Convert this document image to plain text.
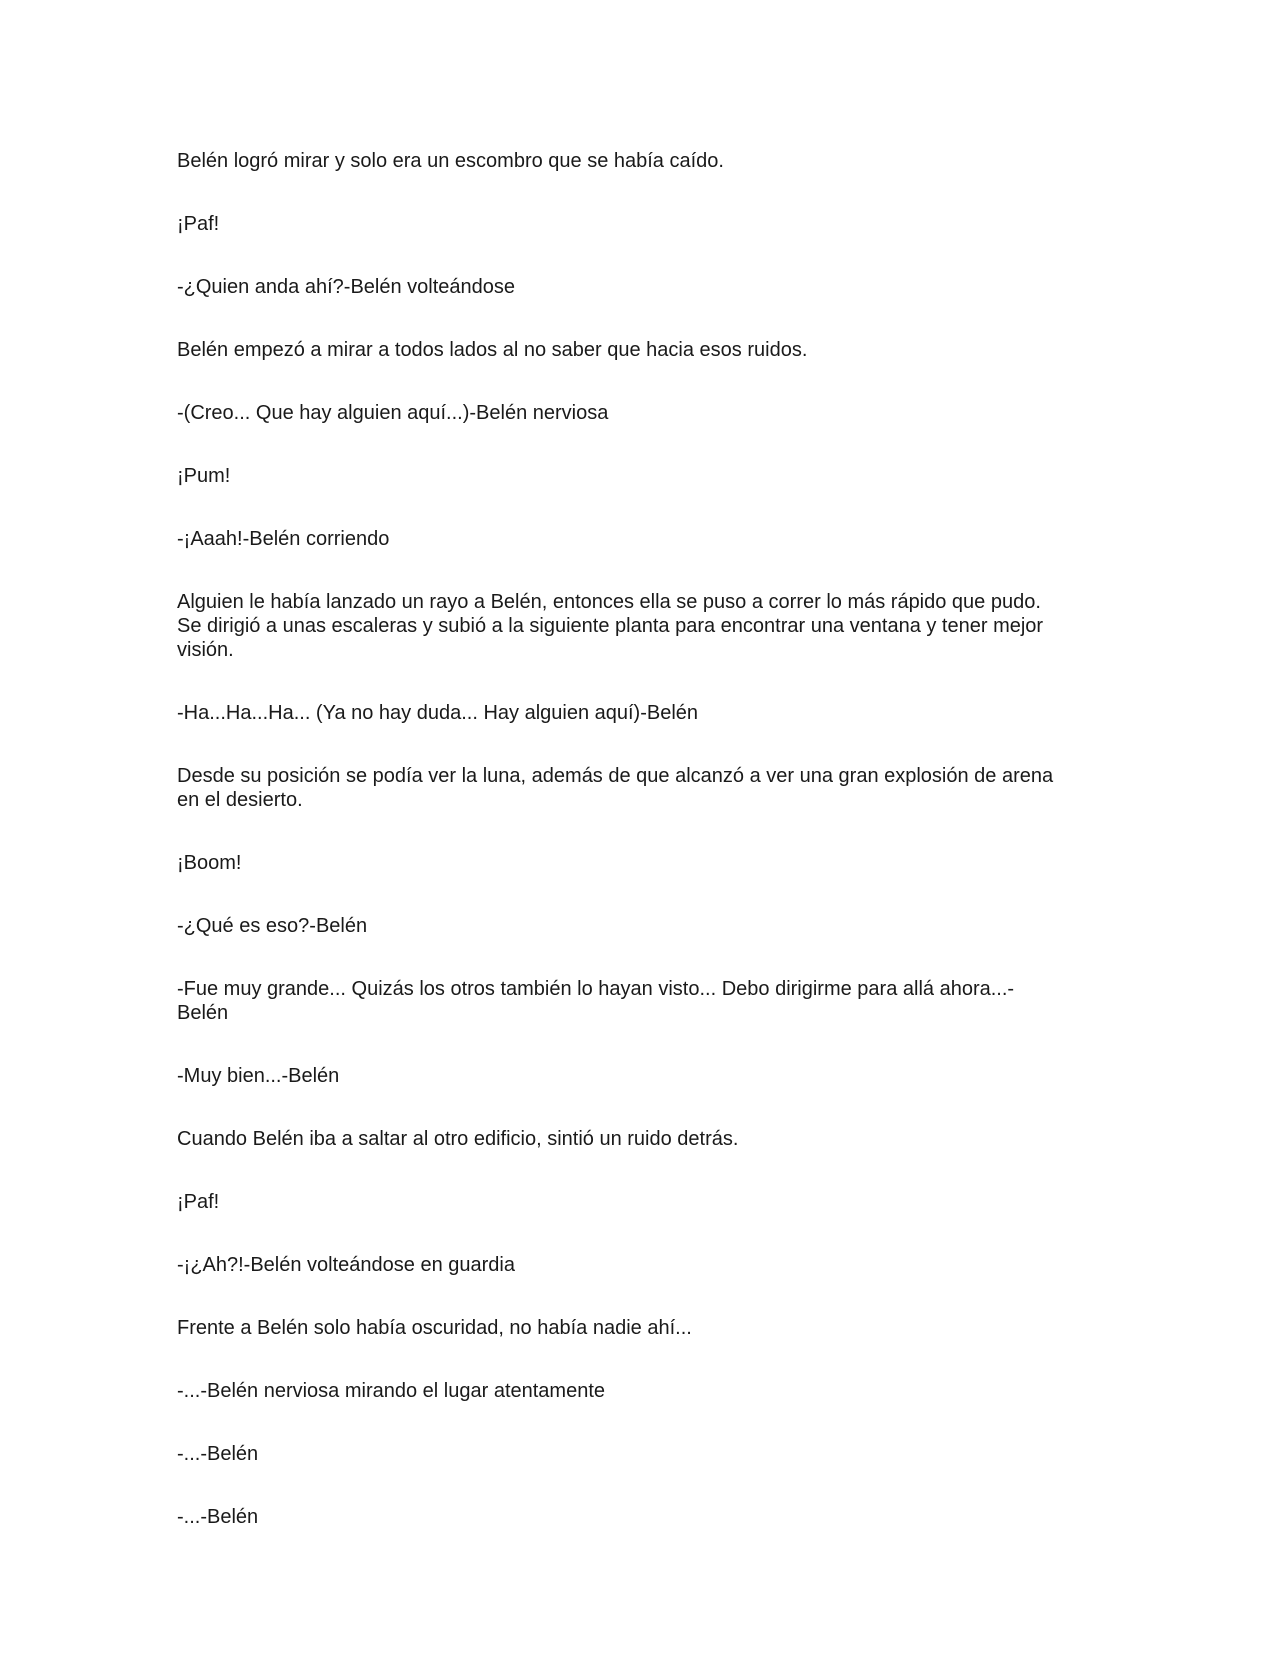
Belén logró mirar y solo era un escombro que se había caído.

¡Paf!

-¿Quien anda ahí?-Belén volteándose

Belén empezó a mirar a todos lados al no saber que hacia esos ruidos.

-(Creo... Que hay alguien aquí...)-Belén nerviosa

¡Pum!

-¡Aaah!-Belén corriendo

Alguien le había lanzado un rayo a Belén, entonces ella se puso a correr lo más rápido que pudo.
Se dirigió a unas escaleras y subió a la siguiente planta para encontrar una ventana y tener mejor
visión.

-Ha...Ha...Ha... (Ya no hay duda... Hay alguien aquí)-Belén

Desde su posición se podía ver la luna, además de que alcanzó a ver una gran explosión de arena
en el desierto.

¡Boom!

-¿Qué es eso?-Belén

-Fue muy grande... Quizás los otros también lo hayan visto... Debo dirigirme para allá ahora...-
Belén

-Muy bien...-Belén

Cuando Belén iba a saltar al otro edificio, sintió un ruido detrás.

¡Paf!

-¡¿Ah?!-Belén volteándose en guardia

Frente a Belén solo había oscuridad, no había nadie ahí...

-...-Belén nerviosa mirando el lugar atentamente

-...-Belén

-...-Belén
